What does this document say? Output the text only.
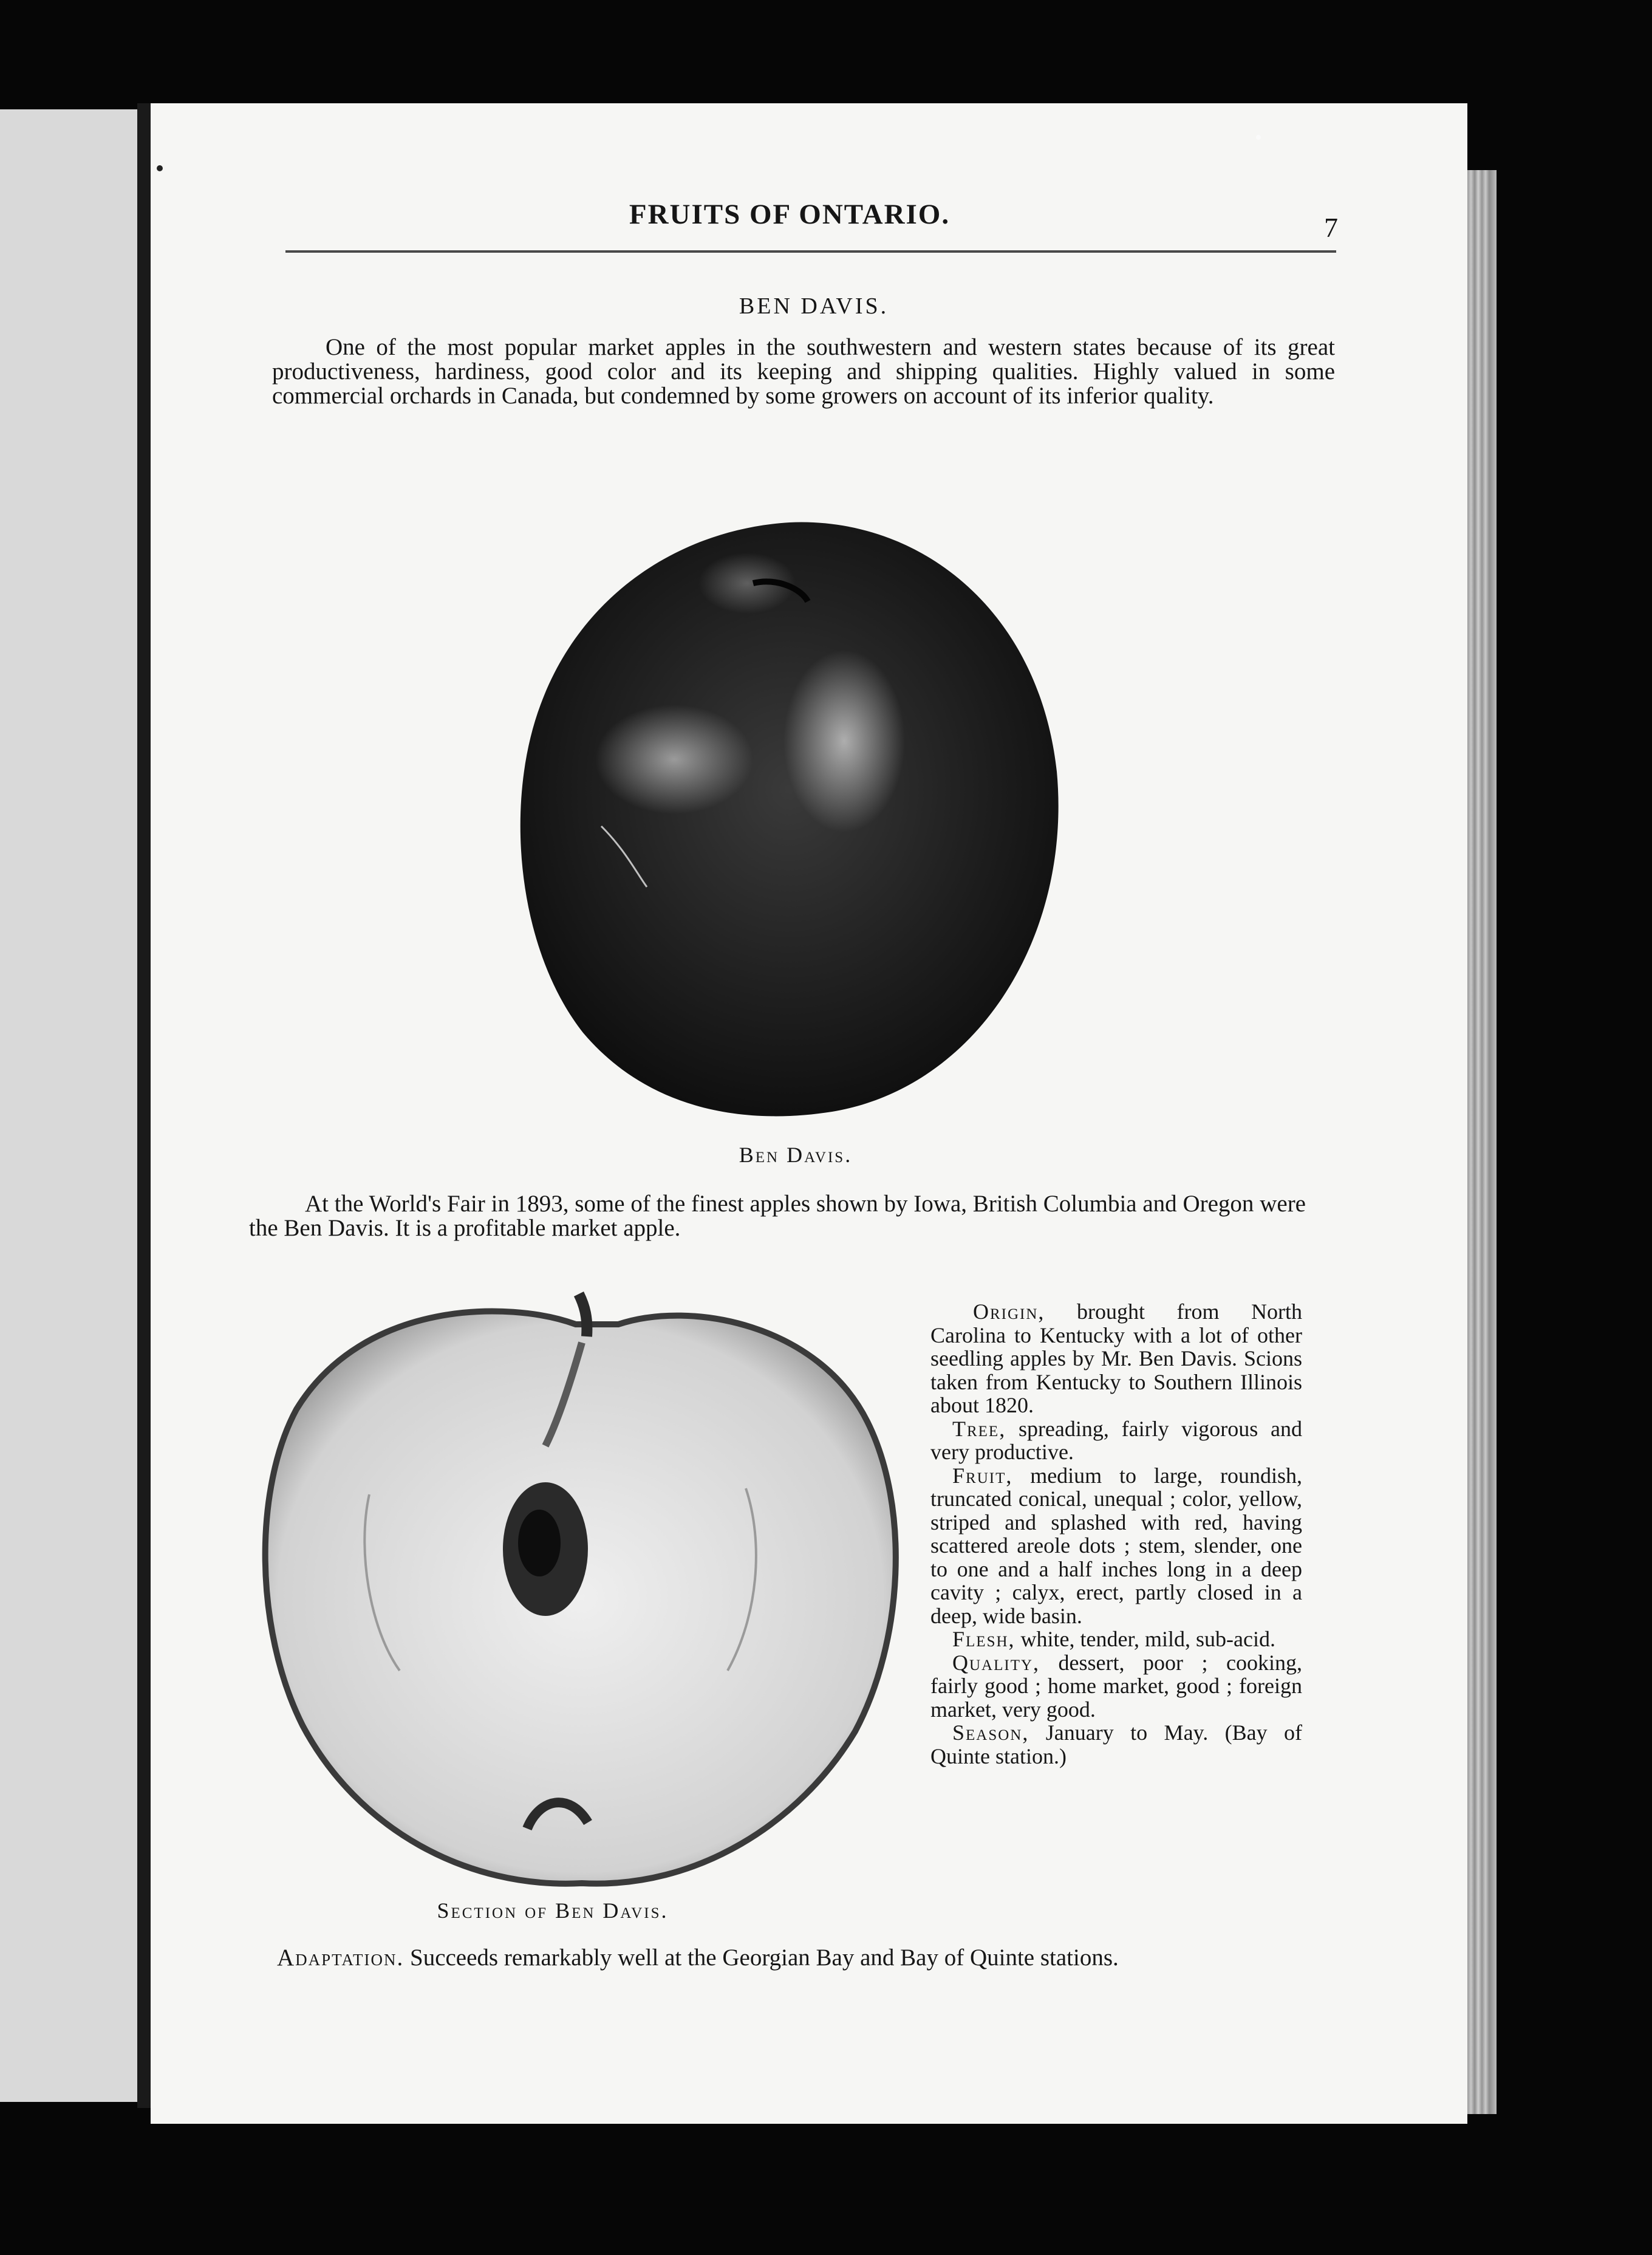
FRUITS OF ONTARIO.	7
BEN DAVIS.
One of the most popular market apples in the southwestern and western states because of its great productiveness, hardiness, good color and its keeping and shipping qualities. Highly valued in some commercial orchards in Canada, but condemned by some growers on account of its inferior quality.
Ben Davis.
At the World's Fair in 1893, some of the finest apples shown by Iowa, British Columbia and Oregon were the Ben Davis. It is a profitable market apple.
Section of Ben Davis.

Origin, brought from North Carolina to Kentucky with a lot of other seedling apples by Mr. Ben Davis. Scions taken from Kentucky to Southern Illinois about 1820.

Tree, spreading, fairly vigorous and very productive.

Fruit, medium to large, roundish, truncated conical, unequal ; color, yellow, striped and splashed with red, having scattered areole dots ; stem, slender, one to one and a half inches long in a deep cavity ; calyx, erect, partly closed in a deep, wide basin.

Flesh, white, tender, mild, sub-acid.

Quality, dessert, poor ; cooking, fairly good ; home market, good ; foreign market, very good.

Season, January to May. (Bay of Quinte station.)

Adaptation. Succeeds remarkably well at the Georgian Bay and Bay of Quinte stations.
